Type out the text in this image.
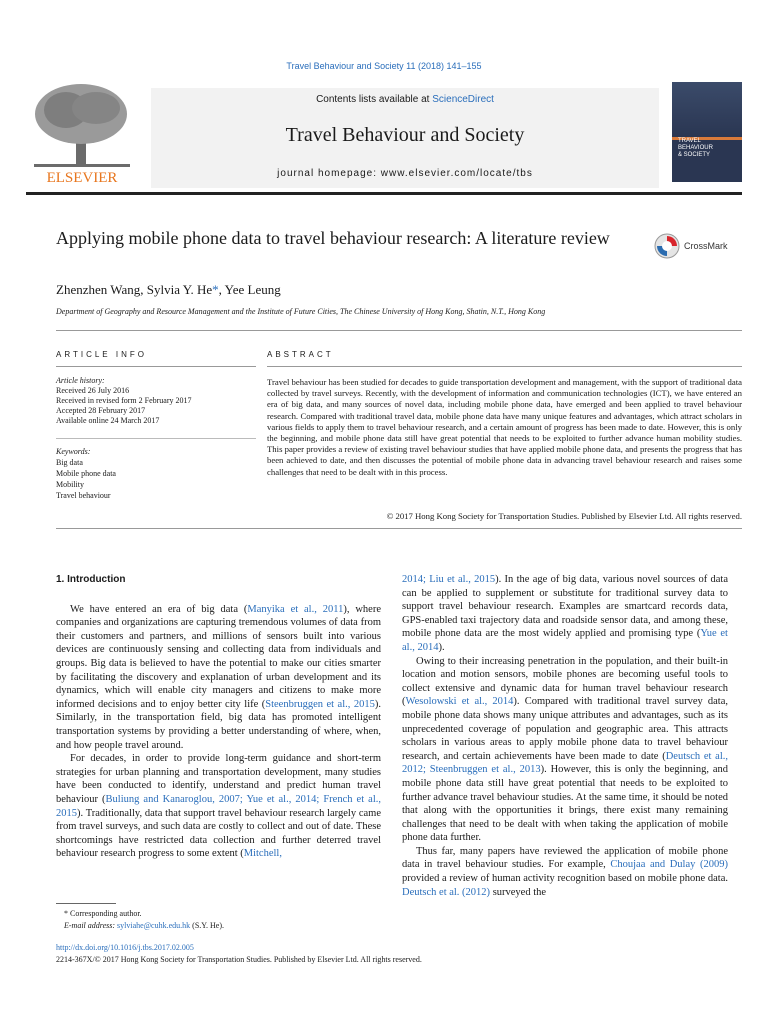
Travel Behaviour and Society 11 (2018) 141–155
ELSEVIER
Contents lists available at ScienceDirect
Travel Behaviour and Society
journal homepage: www.elsevier.com/locate/tbs
TRAVEL
BEHAVIOUR
& SOCIETY
Applying mobile phone data to travel behaviour research: A literature review	CrossMark
Zhenzhen Wang, Sylvia Y. He*, Yee Leung
Department of Geography and Resource Management and the Institute of Future Cities, The Chinese University of Hong Kong, Shatin, N.T., Hong Kong
ARTICLE INFO	ABSTRACT
Article history:
Received 26 July 2016
Received in revised form 2 February 2017
Accepted 28 February 2017
Available online 24 March 2017
Keywords:
Big data
Mobile phone data
Mobility
Travel behaviour

Travel behaviour has been studied for decades to guide transportation development and management, with the support of traditional data collected by travel surveys. Recently, with the development of information and communication technologies (ICT), we have entered an era of big data, and many sources of novel data, including mobile phone data, have emerged and been applied to travel behaviour research. Compared with traditional travel data, mobile phone data have many unique features and advantages, which attract scholars in various fields to apply them to travel behaviour research, and a certain amount of progress has been made to date. However, this is only the beginning, and mobile phone data still have great potential that needs to be exploited to further advance human mobility studies. This paper provides a review of existing travel behaviour studies that have applied mobile phone data, and presents the progress that has been achieved to date, and then discusses the potential of mobile phone data in advancing travel behaviour research and raises some challenges that need to be dealt with in this process.

© 2017 Hong Kong Society for Transportation Studies. Published by Elsevier Ltd. All rights reserved.
1. Introduction

We have entered an era of big data (Manyika et al., 2011), where companies and organizations are capturing tremendous volumes of data from their customers and partners, and millions of sensors built into various devices are continuously sensing and collecting data from individuals and groups. Big data is believed to have the potential to make our cities smarter by facilitating the discovery and explanation of urban development and its dynamics, which will enable city managers and citizens to make more informed decisions and to enjoy better city life (Steenbruggen et al., 2015). Similarly, in the transportation field, big data has promoted intelligent transportation systems by providing a better understanding of where, when, and how people travel around.

For decades, in order to provide long-term guidance and short-term strategies for urban planning and transportation development, many studies have been conducted to identify, understand and predict human travel behaviour (Buliung and Kanaroglou, 2007; Yue et al., 2014; French et al., 2015). Traditionally, data that support travel behaviour research largely came from travel surveys, and such data are costly to collect and out of date. These shortcomings have restricted data collection and further deterred travel behaviour research progress to some extent (Mitchell,

2014; Liu et al., 2015). In the age of big data, various novel sources of data can be applied to supplement or substitute for traditional survey data to support travel behaviour research. Examples are smartcard records data, GPS-enabled taxi trajectory data and roadside sensor data, and among these, mobile phone data are the most widely applied and promising type (Yue et al., 2014).

Owing to their increasing penetration in the population, and their built-in location and motion sensors, mobile phones are becoming useful tools to collect extensive and dynamic data for human travel behaviour research (Wesolowski et al., 2014). Compared with traditional travel survey data, mobile phone data shows many unique attributes and advantages, such as its unprecedented coverage of population and geographic area. This attracts scholars in various areas to apply mobile phone data to travel behaviour research, and certain achievements have been made to date (Deutsch et al., 2012; Steenbruggen et al., 2013). However, this is only the beginning, and mobile phone data still have great potential that needs to be exploited to further advance travel behaviour studies. At the same time, it should be noted that along with the opportunities it brings, there exist many remaining challenges that need to be dealt with when taking the application of mobile phone data further.

Thus far, many papers have reviewed the application of mobile phone data in travel behaviour studies. For example, Choujaa and Dulay (2009) provided a review of human activity recognition based on mobile phone data. Deutsch et al. (2012) surveyed the

* Corresponding author.
E-mail address: sylviahe@cuhk.edu.hk (S.Y. He).
http://dx.doi.org/10.1016/j.tbs.2017.02.005
2214-367X/© 2017 Hong Kong Society for Transportation Studies. Published by Elsevier Ltd. All rights reserved.
